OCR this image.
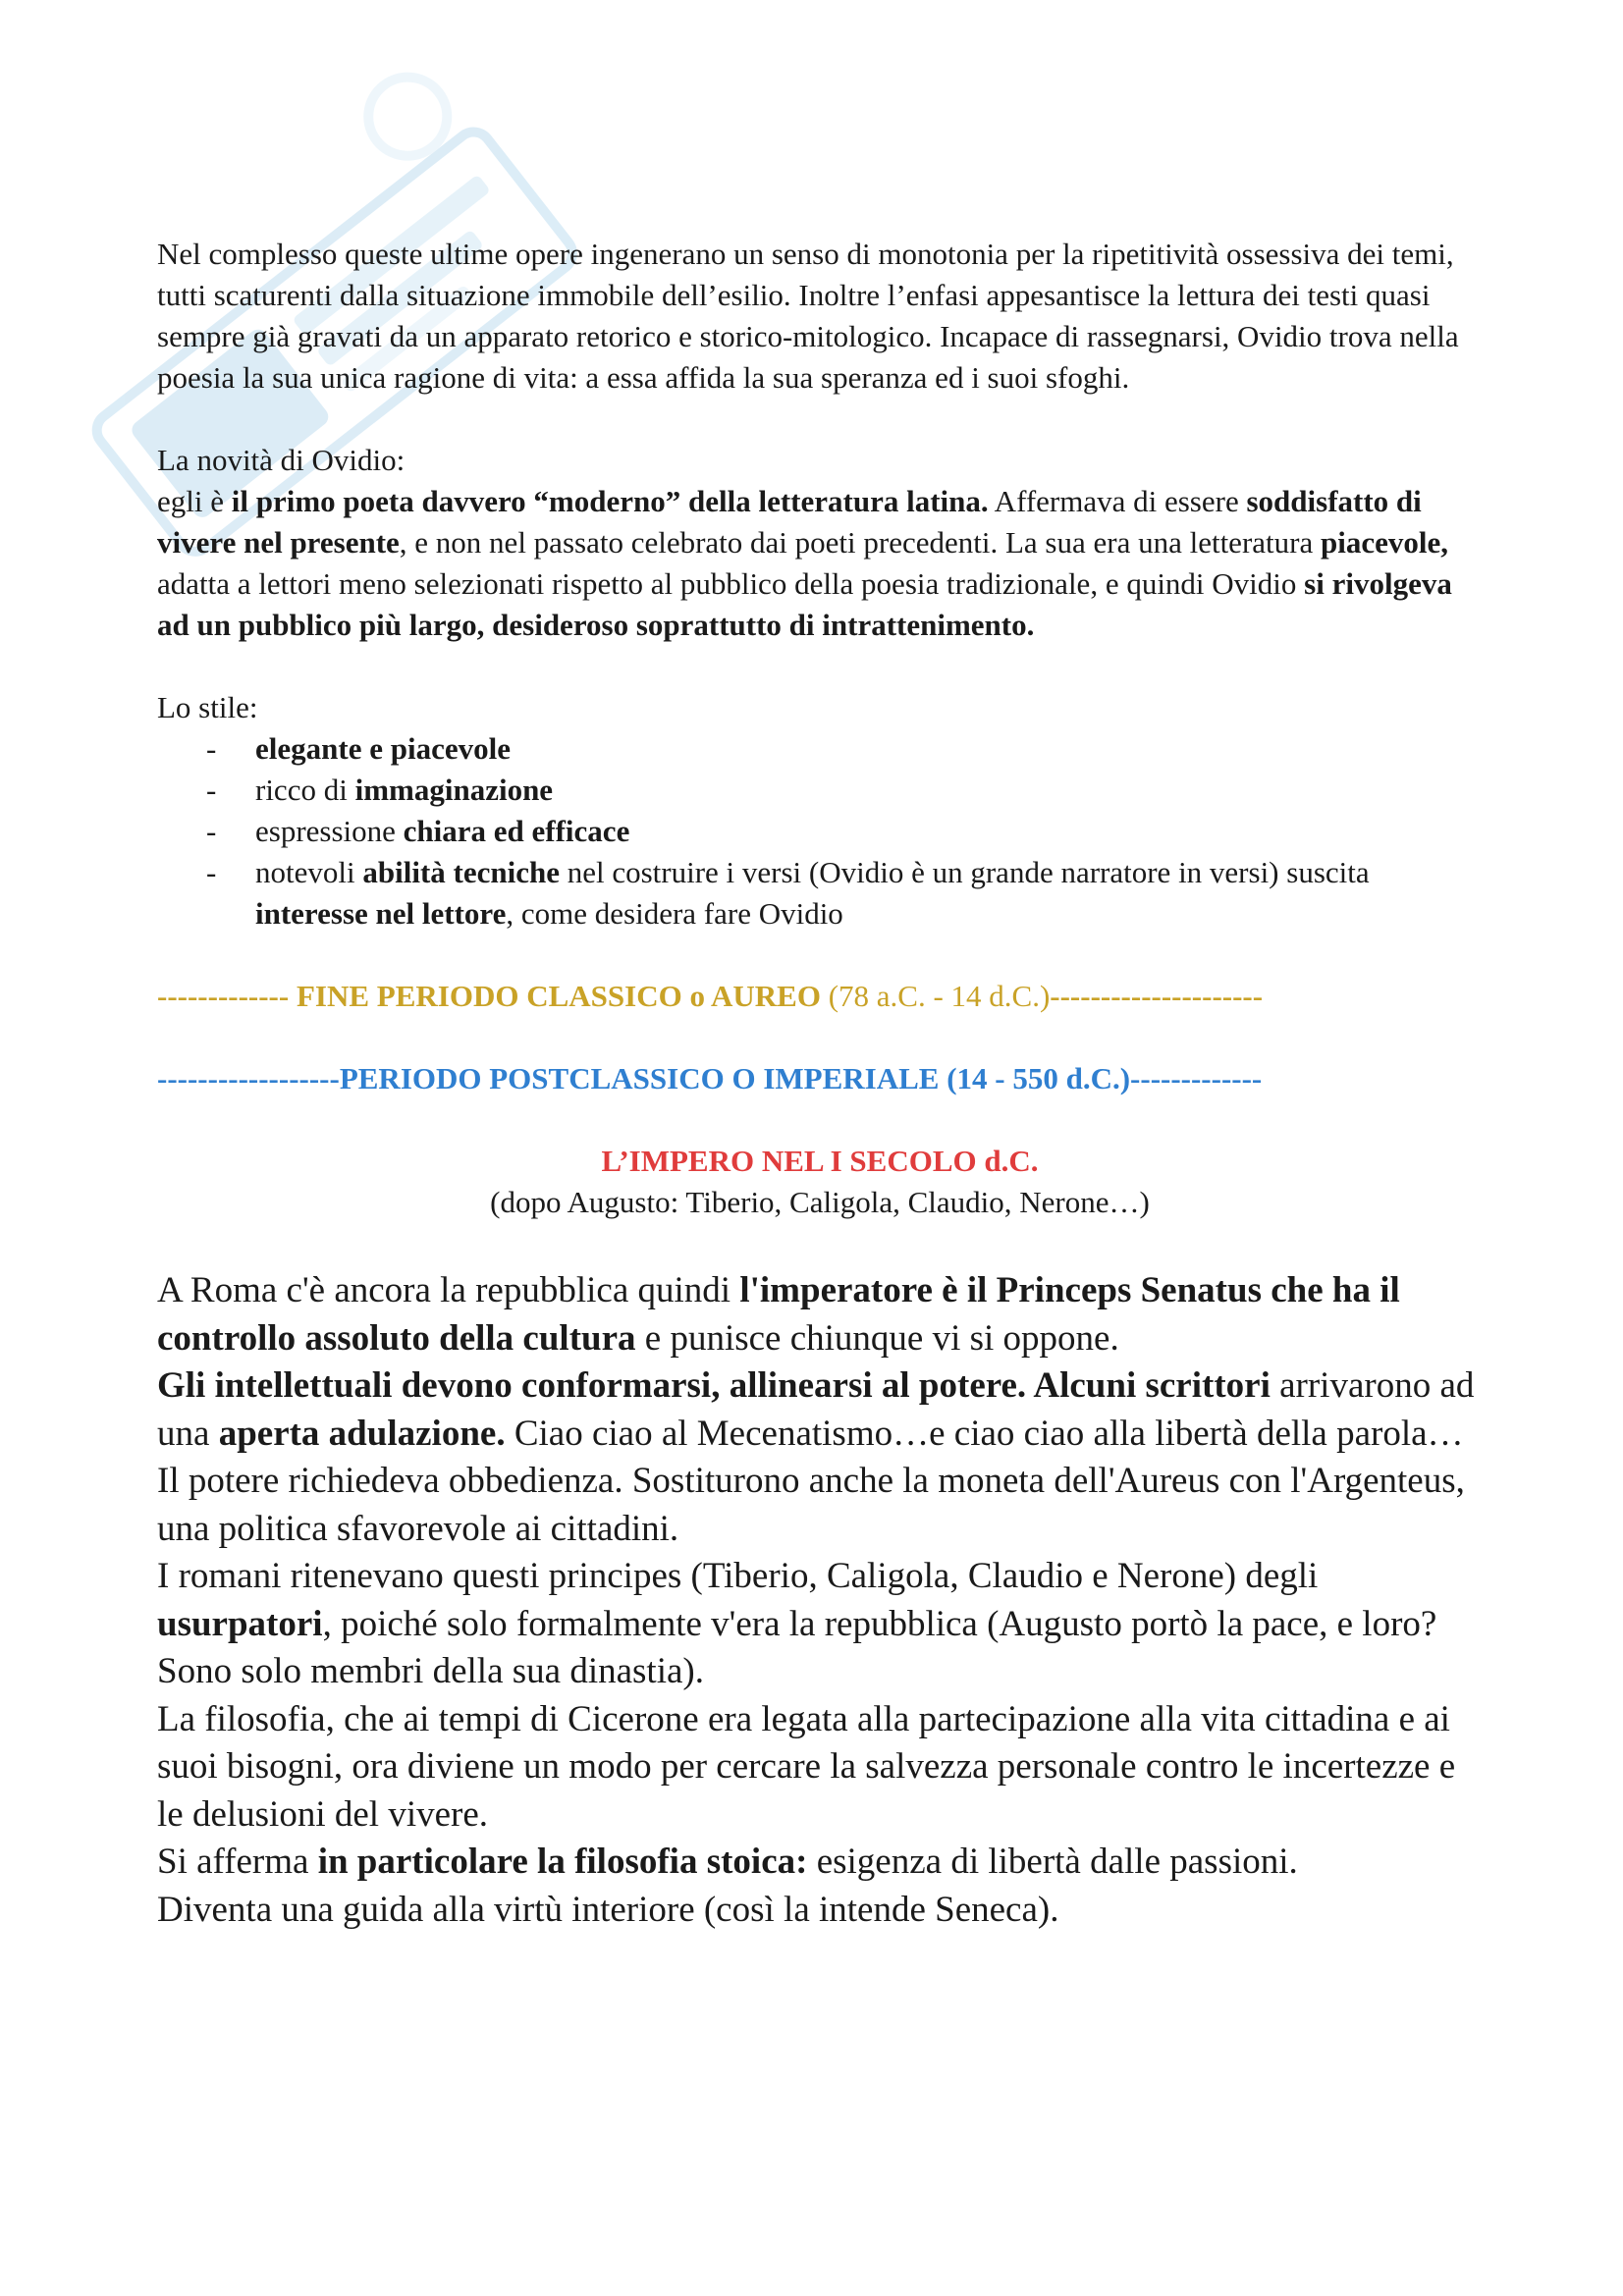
Nel complesso queste ultime opere ingenerano un senso di monotonia per la ripetitività ossessiva dei temi, tutti scaturenti dalla situazione immobile dell’esilio. Inoltre l’enfasi appesantisce la lettura dei testi quasi sempre già gravati da un apparato retorico e storico-mitologico. Incapace di rassegnarsi, Ovidio trova nella poesia la sua unica ragione di vita: a essa affida la sua speranza ed i suoi sfoghi.

La novità di Ovidio:

egli è il primo poeta davvero “moderno” della letteratura latina. Affermava di essere soddisfatto di vivere nel presente, e non nel passato celebrato dai poeti precedenti. La sua era una letteratura piacevole, adatta a lettori meno selezionati rispetto al pubblico della poesia tradizionale, e quindi Ovidio si rivolgeva ad un pubblico più largo, desideroso soprattutto di intrattenimento.

Lo stile:

- elegante e piacevole
- ricco di immaginazione
- espressione chiara ed efficace
- notevoli abilità tecniche nel costruire i versi (Ovidio è un grande narratore in versi) suscita interesse nel lettore, come desidera fare Ovidio

------------- FINE PERIODO CLASSICO o AUREO (78 a.C. - 14 d.C.)---------------------

------------------PERIODO POSTCLASSICO O IMPERIALE (14 - 550 d.C.)-------------

L’IMPERO NEL I SECOLO d.C.

(dopo Augusto: Tiberio, Caligola, Claudio, Nerone…)

A Roma c'è ancora la repubblica quindi l'imperatore è il Princeps Senatus che ha il controllo assoluto della cultura e punisce chiunque vi si oppone.

Gli intellettuali devono conformarsi, allinearsi al potere. Alcuni scrittori arrivarono ad una aperta adulazione. Ciao ciao al Mecenatismo…e ciao ciao alla libertà della parola…

Il potere richiedeva obbedienza. Sostiturono anche la moneta dell'Aureus con l'Argenteus, una politica sfavorevole ai cittadini.

I romani ritenevano questi principes (Tiberio, Caligola, Claudio e Nerone) degli usurpatori, poiché solo formalmente v'era la repubblica (Augusto portò la pace, e loro? Sono solo membri della sua dinastia).

La filosofia, che ai tempi di Cicerone era legata alla partecipazione alla vita cittadina e ai suoi bisogni, ora diviene un modo per cercare la salvezza personale contro le incertezze e le delusioni del vivere.

Si afferma in particolare la filosofia stoica: esigenza di libertà dalle passioni.

Diventa una guida alla virtù interiore (così la intende Seneca).
